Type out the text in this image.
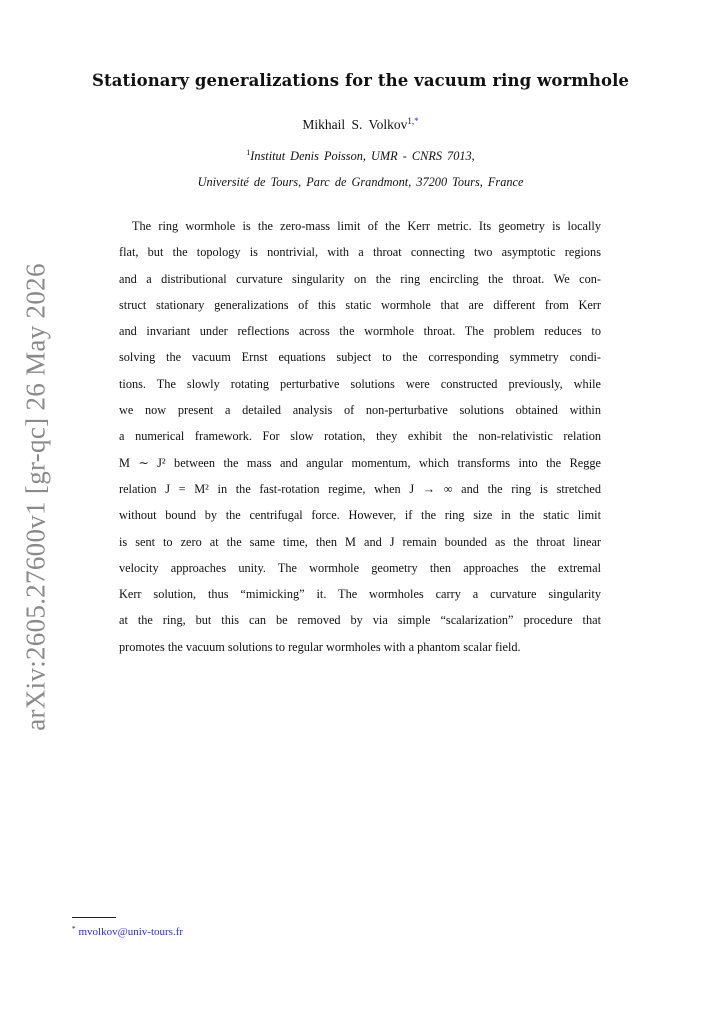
arXiv:2605.27600v1 [gr-qc] 26 May 2026
Stationary generalizations for the vacuum ring wormhole
Mikhail S. Volkov$^{1,*}$
$^1$Institut Denis Poisson, UMR - CNRS 7013,
Université de Tours, Parc de Grandmont, 37200 Tours, France
The ring wormhole is the zero-mass limit of the Kerr metric. Its geometry is locally
flat, but the topology is nontrivial, with a throat connecting two asymptotic regions
and a distributional curvature singularity on the ring encircling the throat. We con-
struct stationary generalizations of this static wormhole that are different from Kerr
and invariant under reflections across the wormhole throat. The problem reduces to
solving the vacuum Ernst equations subject to the corresponding symmetry condi-
tions. The slowly rotating perturbative solutions were constructed previously, while
we now present a detailed analysis of non-perturbative solutions obtained within
a numerical framework. For slow rotation, they exhibit the non-relativistic relation
M ∼ J² between the mass and angular momentum, which transforms into the Regge
relation J = M² in the fast-rotation regime, when J → ∞ and the ring is stretched
without bound by the centrifugal force. However, if the ring size in the static limit
is sent to zero at the same time, then M and J remain bounded as the throat linear
velocity approaches unity. The wormhole geometry then approaches the extremal
Kerr solution, thus “mimicking” it. The wormholes carry a curvature singularity
at the ring, but this can be removed by via simple “scalarization” procedure that
promotes the vacuum solutions to regular wormholes with a phantom scalar field.
* mvolkov@univ-tours.fr
